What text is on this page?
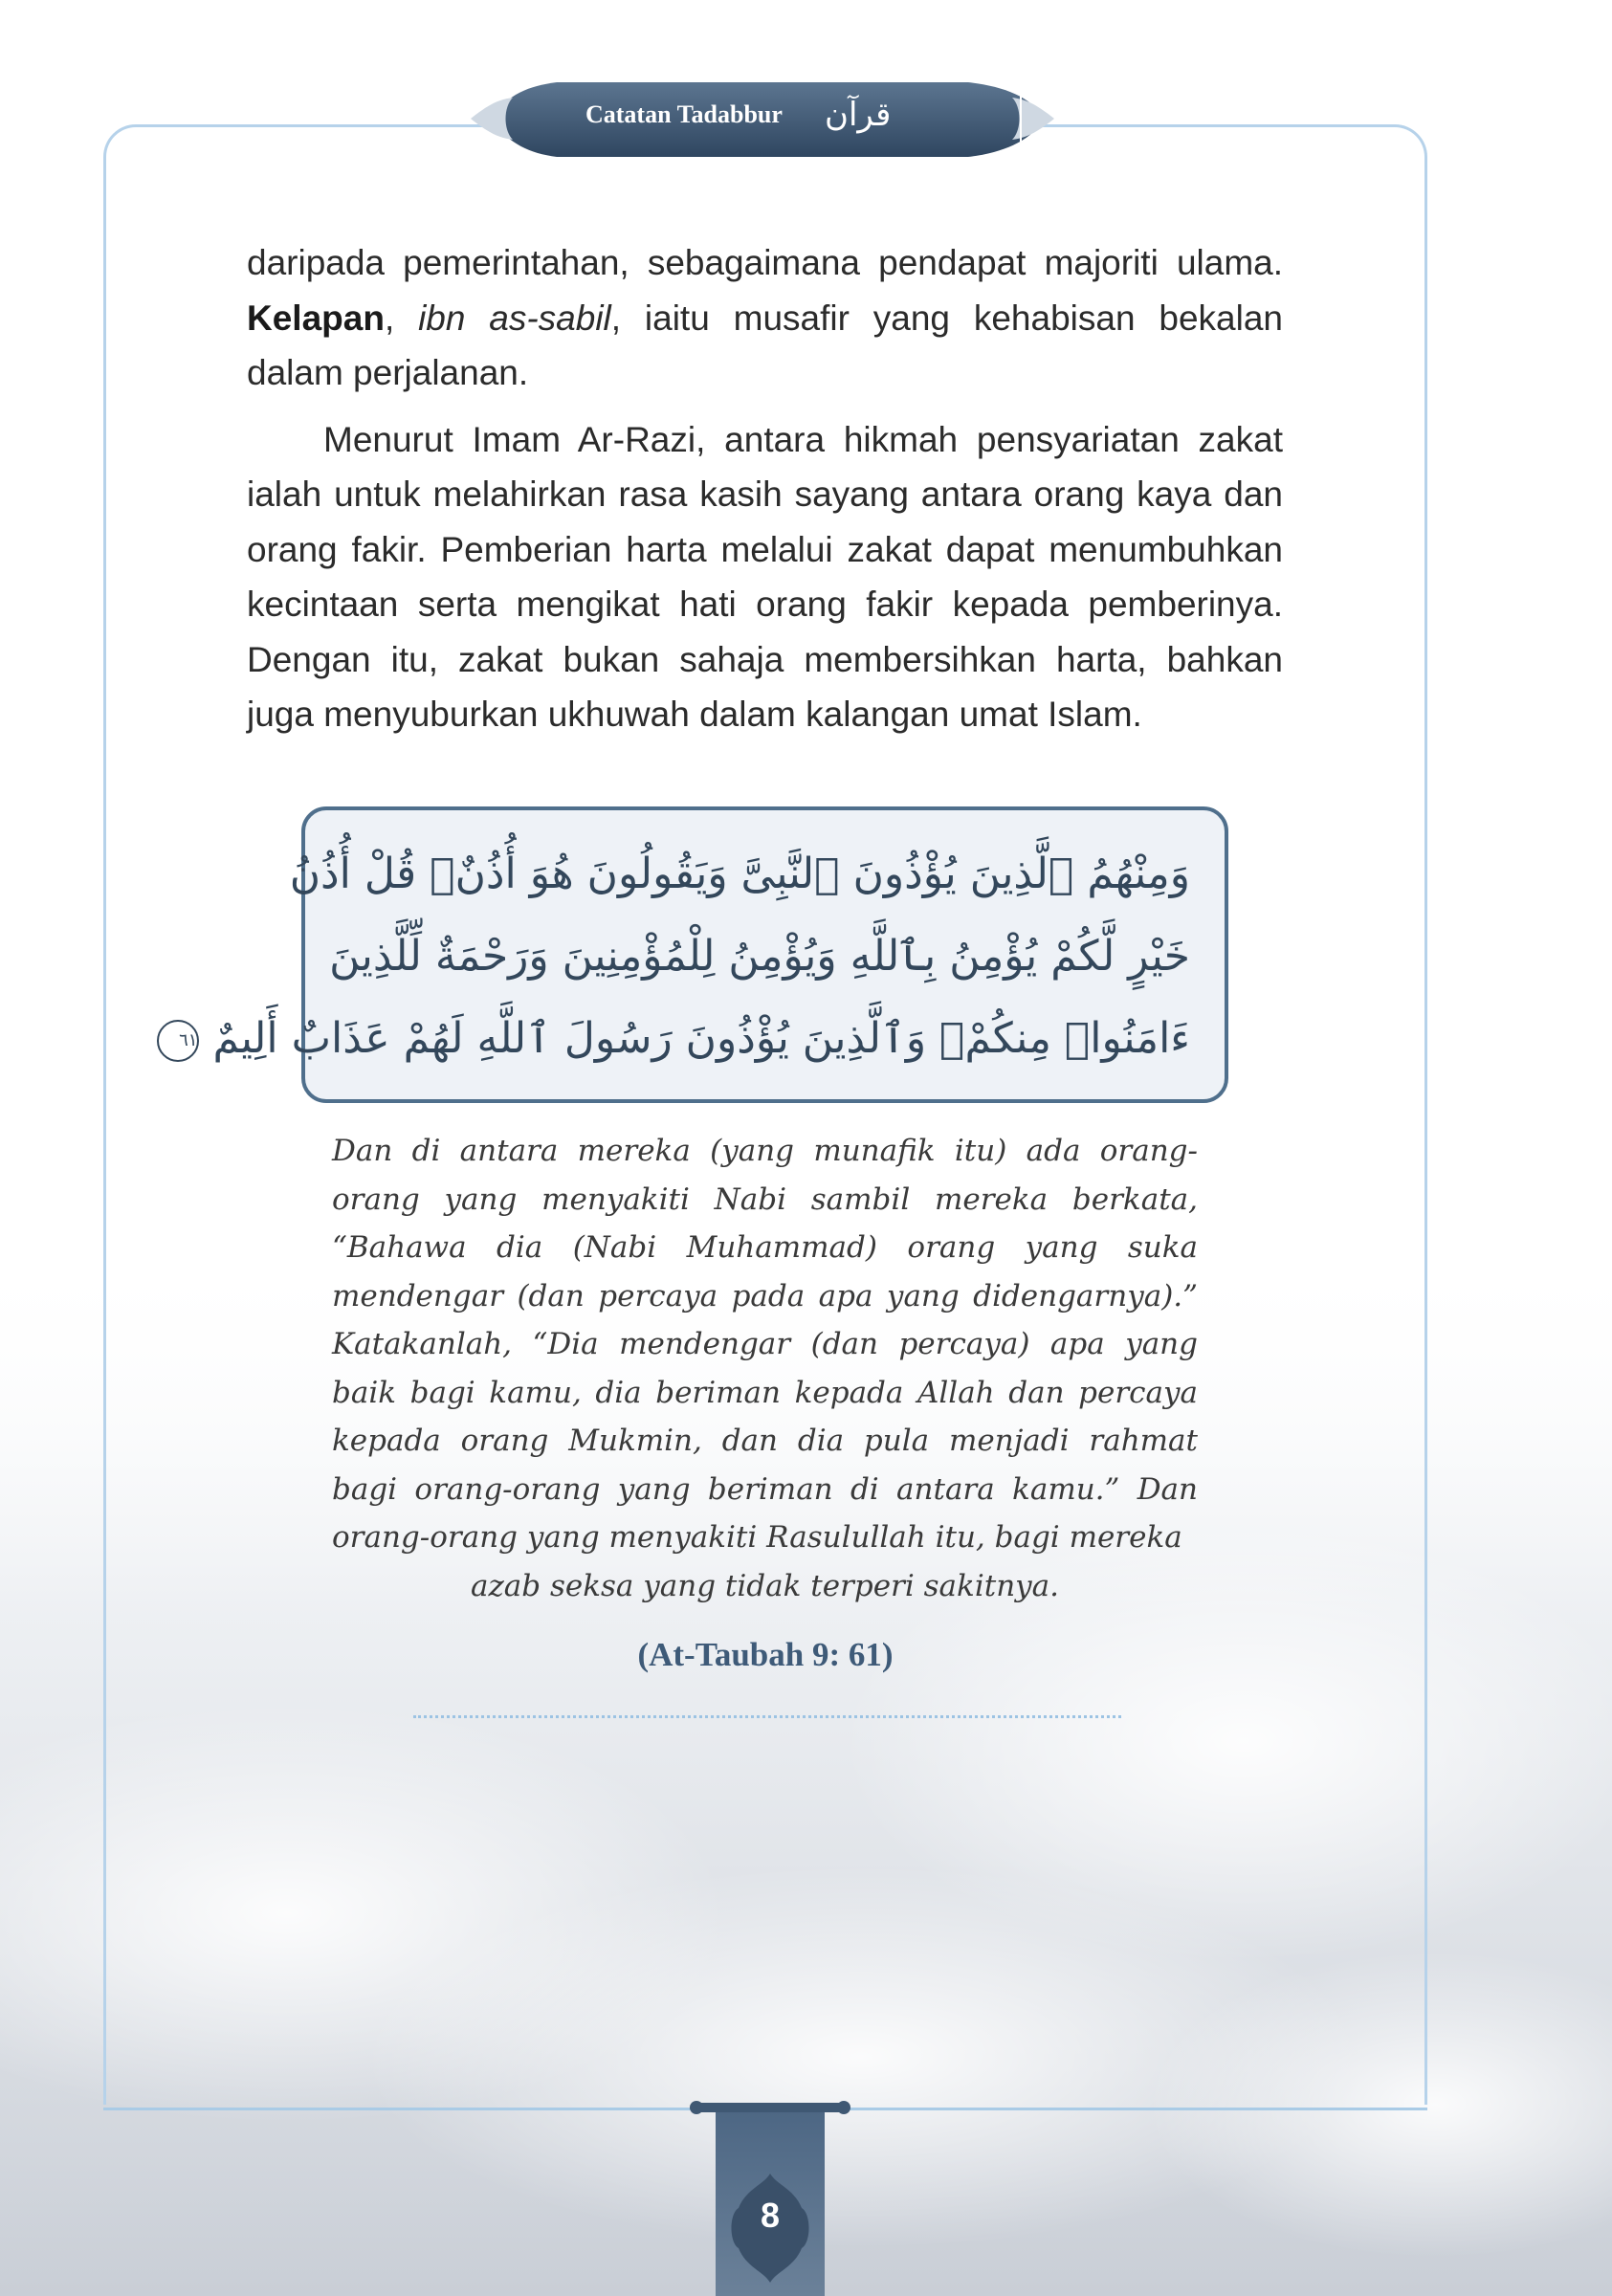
Catatan Tadabbur	قرآن ١١٤

daripada pemerintahan, sebagaimana pendapat majoriti ulama. Kelapan, ibn as-sabil, iaitu musafir yang kehabisan bekalan dalam perjalanan.

Menurut Imam Ar-Razi, antara hikmah pensyariatan zakat ialah untuk melahirkan rasa kasih sayang antara orang kaya dan orang fakir. Pemberian harta melalui zakat dapat menumbuhkan kecintaan serta mengikat hati orang fakir kepada pemberinya. Dengan itu, zakat bukan sahaja membersihkan harta, bahkan juga menyuburkan ukhuwah dalam kalangan umat Islam.

وَمِنْهُمُ ٱلَّذِينَ يُؤْذُونَ ٱلنَّبِىَّ وَيَقُولُونَ هُوَ أُذُنٌۚ قُلْ أُذُنُ
خَيْرٍ لَّكُمْ يُؤْمِنُ بِٱللَّهِ وَيُؤْمِنُ لِلْمُؤْمِنِينَ وَرَحْمَةٌ لِّلَّذِينَ
ءَامَنُوا۟ مِنكُمْۚ وَٱلَّذِينَ يُؤْذُونَ رَسُولَ ٱللَّهِ لَهُمْ عَذَابٌ أَلِيمٌ ٦١
Dan di antara mereka (yang munafik itu) ada orang-orang yang menyakiti Nabi sambil mereka berkata, “Bahawa dia (Nabi Muhammad) orang yang suka mendengar (dan percaya pada apa yang didengarnya).” Katakanlah, “Dia mendengar (dan percaya) apa yang baik bagi kamu, dia beriman kepada Allah dan percaya kepada orang Mukmin, dan dia pula menjadi rahmat bagi orang-orang yang beriman di antara kamu.” Dan orang-orang yang menyakiti Rasulullah itu, bagi mereka
azab seksa yang tidak terperi sakitnya.
(At-Taubah 9: 61)
8
